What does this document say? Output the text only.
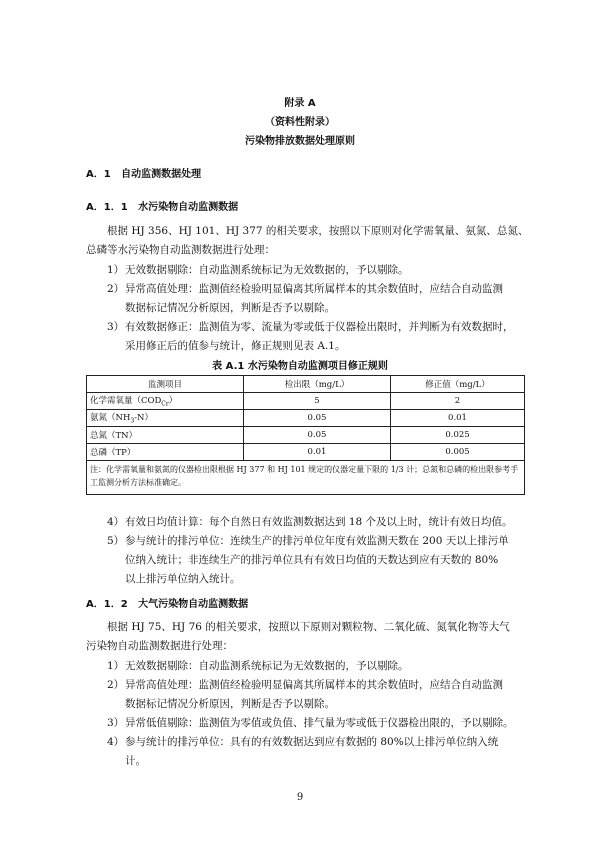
附录 A
（资料性附录）
污染物排放数据处理原则
A．1 自动监测数据处理
A．1．1 水污染物自动监测数据
根据 HJ 356、HJ 101、HJ 377 的相关要求，按照以下原则对化学需氧量、氨氮、总氮、
总磷等水污染物自动监测数据进行处理：
1）无效数据剔除：自动监测系统标记为无效数据的，予以剔除。
2）异常高值处理：监测值经检验明显偏离其所属样本的其余数值时，应结合自动监测
数据标记情况分析原因，判断是否予以剔除。
3）有效数据修正：监测值为零、流量为零或低于仪器检出限时，并判断为有效数据时，
采用修正后的值参与统计，修正规则见表 A.1。
表 A.1 水污染物自动监测项目修正规则
监测项目	检出限（mg/L）	修正值（mg/L）
化学需氧量$(COD_{Cr})$	5	2
氨氮$(NH_3-N)$	0.05	0.01
总氮（TN）	0.05	0.025
总磷（TP）	0.01	0.005
注：化学需氧量和氨氮的仪器检出限根据 HJ 377 和 HJ 101 规定的仪器定量下限的 1/3 计；总氮和总磷的检出限参考手工监测分析方法标准确定。		
4）有效日均值计算：每个自然日有效监测数据达到 18 个及以上时，统计有效日均值。
5）参与统计的排污单位：连续生产的排污单位年度有效监测天数在 200 天以上排污单
位纳入统计；非连续生产的排污单位具有有效日均值的天数达到应有天数的 80%
以上排污单位纳入统计。
A．1．2 大气污染物自动监测数据
根据 HJ 75、HJ 76 的相关要求，按照以下原则对颗粒物、二氧化硫、氮氧化物等大气
污染物自动监测数据进行处理：
1）无效数据剔除：自动监测系统标记为无效数据的，予以剔除。
2）异常高值处理：监测值经检验明显偏离其所属样本的其余数值时，应结合自动监测
数据标记情况分析原因，判断是否予以剔除。
3）异常低值剔除：监测值为零值或负值、排气量为零或低于仪器检出限的，予以剔除。
4）参与统计的排污单位：具有的有效数据达到应有数据的 80%以上排污单位纳入统
计。
9
